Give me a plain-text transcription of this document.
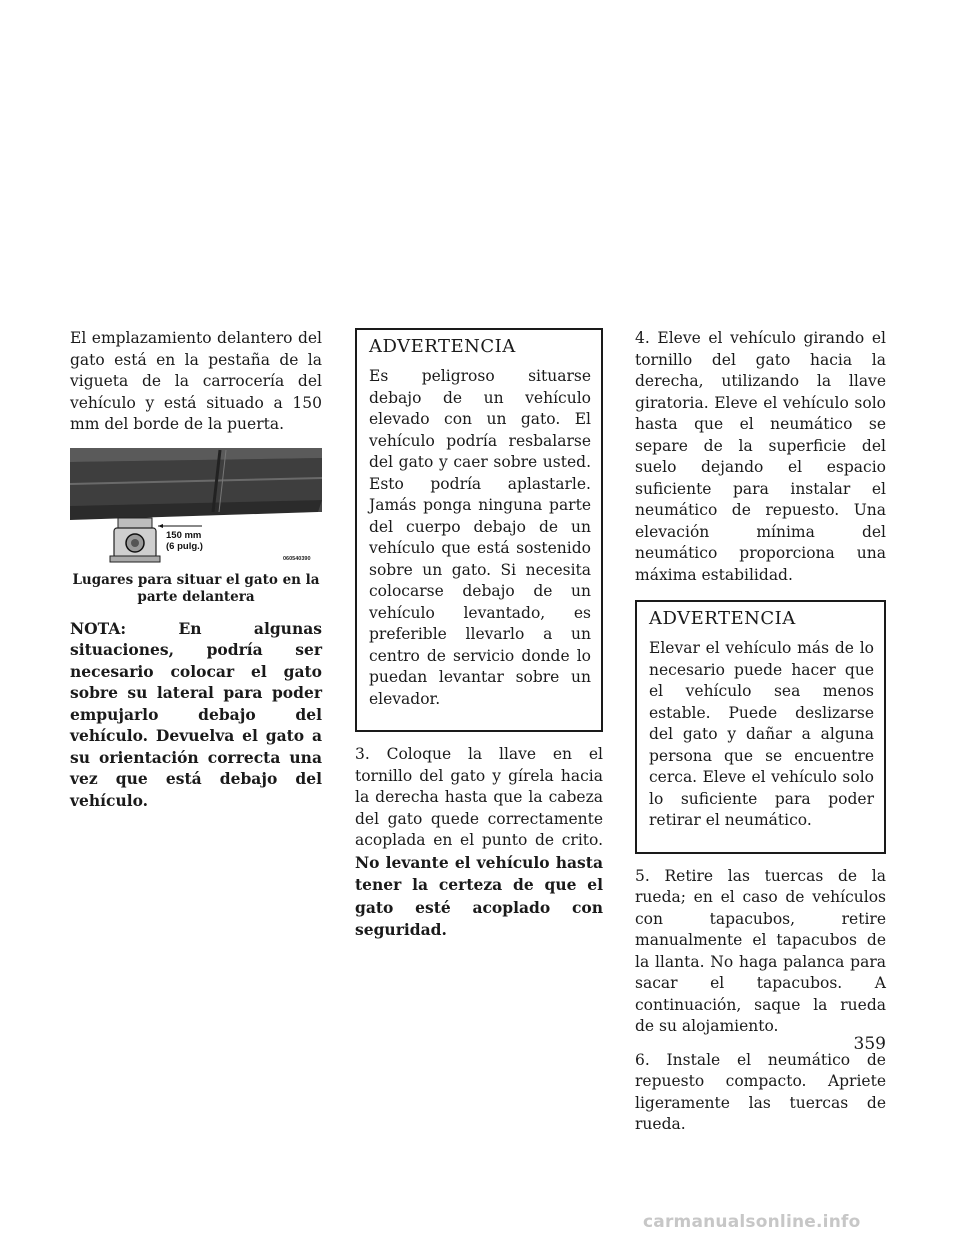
El emplazamiento delantero del gato está en la pestaña de la vigueta de la carrocería del vehículo y está situado a 150 mm del borde de la puerta.

150 mm
(6 pulg.)
060540390
Lugares para situar el gato en la parte delantera

NOTA: En algunas situaciones, podría ser necesario colocar el gato sobre su lateral para poder empujarlo debajo del vehículo. Devuelva el gato a su orientación correcta una vez que está debajo del vehículo.

ADVERTENCIA

Es peligroso situarse debajo de un vehículo elevado con un gato. El vehículo podría resbalarse del gato y caer sobre usted. Esto podría aplastarle. Jamás ponga ninguna parte del cuerpo debajo de un vehículo que está sostenido sobre un gato. Si necesita colocarse debajo de un vehículo levantado, es preferible llevarlo a un centro de servicio donde lo puedan levantar sobre un elevador.

3. Coloque la llave en el tornillo del gato y gírela hacia la derecha hasta que la cabeza del gato quede correctamente acoplada en el punto de crito. No levante el vehículo hasta tener la certeza de que el gato esté acoplado con seguridad.

4. Eleve el vehículo girando el tornillo del gato hacia la derecha, utilizando la llave giratoria. Eleve el vehículo solo hasta que el neumático se separe de la superficie del suelo dejando el espacio suficiente para instalar el neumático de repuesto. Una elevación mínima del neumático proporciona una máxima estabilidad.

ADVERTENCIA

Elevar el vehículo más de lo necesario puede hacer que el vehículo sea menos estable. Puede deslizarse del gato y dañar a alguna persona que se encuentre cerca. Eleve el vehículo solo lo suficiente para poder retirar el neumático.

5. Retire las tuercas de la rueda; en el caso de vehículos con tapacubos, retire manualmente el tapacubos de la llanta. No haga palanca para sacar el tapacubos. A continuación, saque la rueda de su alojamiento.

6. Instale el neumático de repuesto compacto. Apriete ligeramente las tuercas de rueda.

359
carmanualsonline.info
